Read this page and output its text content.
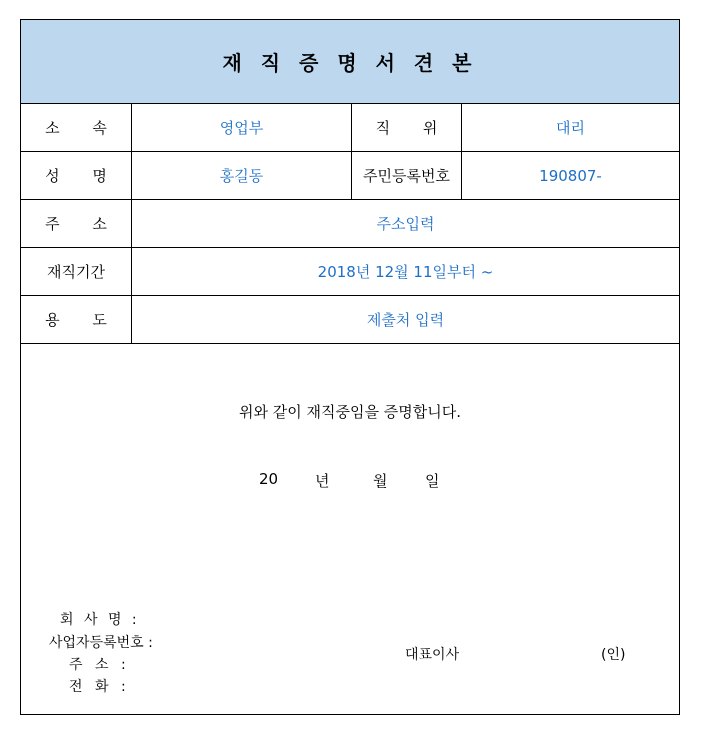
재 직 증 명 서 견 본
소 속	영업부	직 위	대리
성 명	홍길동	주민등록번호	190807-
주 소	주소입력
재직기간	2018년 12월 11일부터 ~
용 도	제출처 입력
위와 같이 재직중임을 증명합니다.
20 년	월	일
회 사 명 :
사업자등록번호 :
주 소 :
전 화 :
대표이사	(인)
